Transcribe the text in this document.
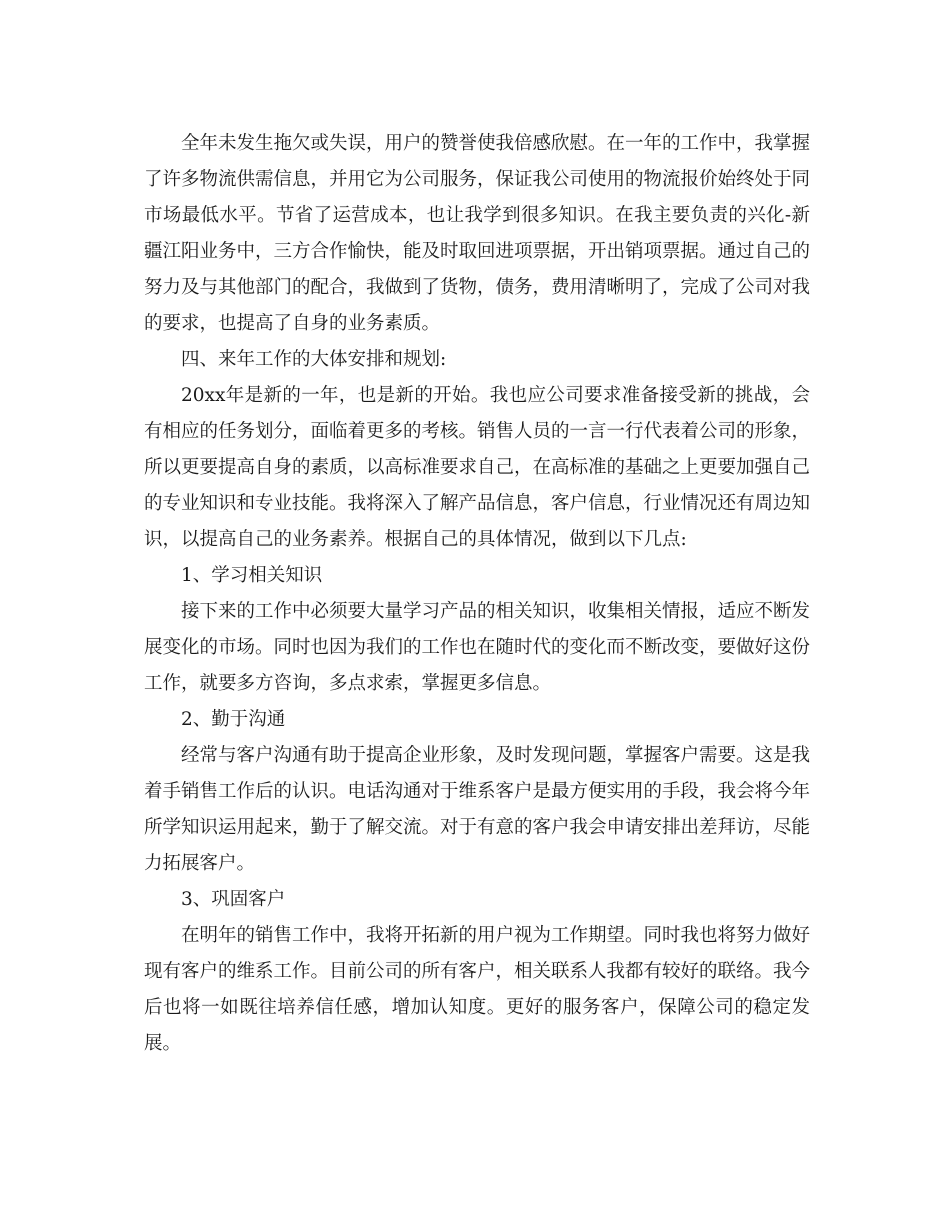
全年未发生拖欠或失误，用户的赞誉使我倍感欣慰。在一年的工作中，我掌握了许多物流供需信息，并用它为公司服务，保证我公司使用的物流报价始终处于同市场最低水平。节省了运营成本，也让我学到很多知识。在我主要负责的兴化-新疆江阳业务中，三方合作愉快，能及时取回进项票据，开出销项票据。通过自己的努力及与其他部门的配合，我做到了货物，债务，费用清晰明了，完成了公司对我的要求，也提高了自身的业务素质。

四、来年工作的大体安排和规划:

20xx年是新的一年，也是新的开始。我也应公司要求准备接受新的挑战，会有相应的任务划分，面临着更多的考核。销售人员的一言一行代表着公司的形象，所以更要提高自身的素质，以高标准要求自己，在高标准的基础之上更要加强自己的专业知识和专业技能。我将深入了解产品信息，客户信息，行业情况还有周边知识，以提高自己的业务素养。根据自己的具体情况，做到以下几点:

1、学习相关知识

接下来的工作中必须要大量学习产品的相关知识，收集相关情报，适应不断发展变化的市场。同时也因为我们的工作也在随时代的变化而不断改变，要做好这份工作，就要多方咨询，多点求索，掌握更多信息。

2、勤于沟通

经常与客户沟通有助于提高企业形象，及时发现问题，掌握客户需要。这是我着手销售工作后的认识。电话沟通对于维系客户是最方便实用的手段，我会将今年所学知识运用起来，勤于了解交流。对于有意的客户我会申请安排出差拜访，尽能力拓展客户。

3、巩固客户

在明年的销售工作中，我将开拓新的用户视为工作期望。同时我也将努力做好现有客户的维系工作。目前公司的所有客户，相关联系人我都有较好的联络。我今后也将一如既往培养信任感，增加认知度。更好的服务客户，保障公司的稳定发展。
